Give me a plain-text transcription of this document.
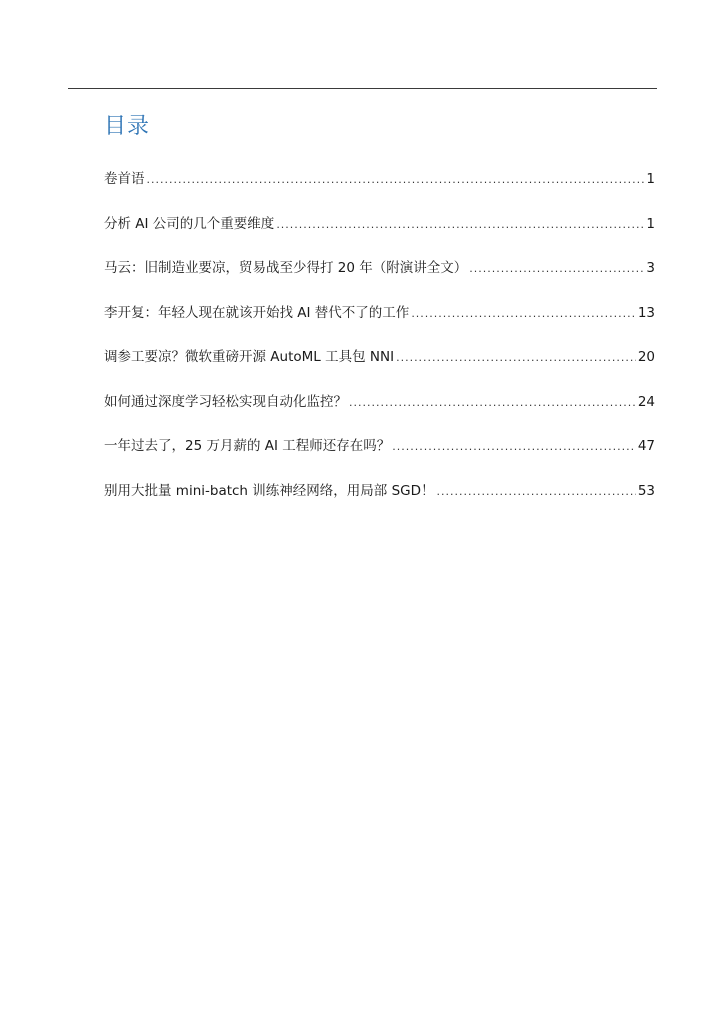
目录
卷首语 .....	1
分析 AI 公司的几个重要维度 .....	1
马云：旧制造业要凉，贸易战至少得打 20 年（附演讲全文） .....	3
李开复：年轻人现在就该开始找 AI 替代不了的工作 .....	13
调参工要凉？微软重磅开源 AutoML 工具包 NNI .....	20
如何通过深度学习轻松实现自动化监控？ .....	24
一年过去了，25 万月薪的 AI 工程师还存在吗？ .....	47
别用大批量 mini-batch 训练神经网络，用局部 SGD！ .....	53
